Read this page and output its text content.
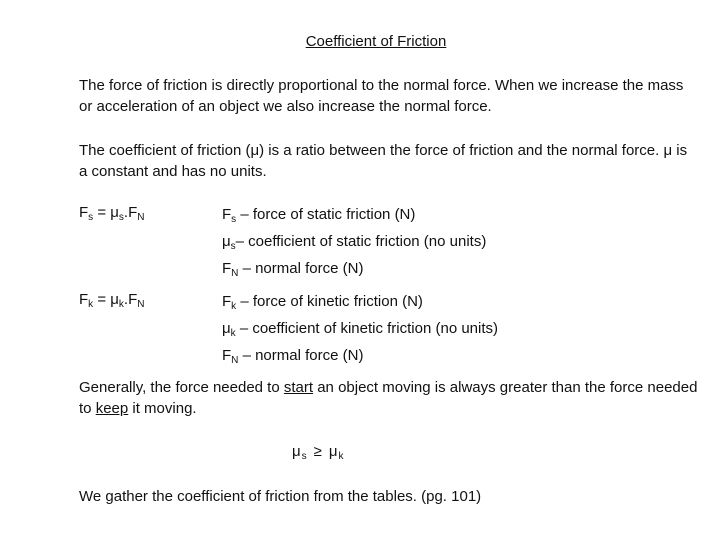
Coefficient of Friction
The force of friction is directly proportional to the normal force. When we increase the mass or acceleration of an object we also increase the normal force.
The coefficient of friction (μ) is a ratio between the force of friction and the normal force. μ is a constant and has no units.
$F_s = \mu_s.F_N$	$F_s$ – force of static friction (N)
$\mu_s-$ coefficient of static friction (no units)
$F_N$ – normal force (N)
$F_k = \mu_k.F_N$	$F_k$ – force of kinetic friction (N)
$\mu_k$ – coefficient of kinetic friction (no units)
$F_N$ – normal force (N)
Generally, the force needed to start an object moving is always greater than the force needed to keep it moving.
$\mu_s \ge \mu_k$
We gather the coefficient of friction from the tables. (pg. 101)
